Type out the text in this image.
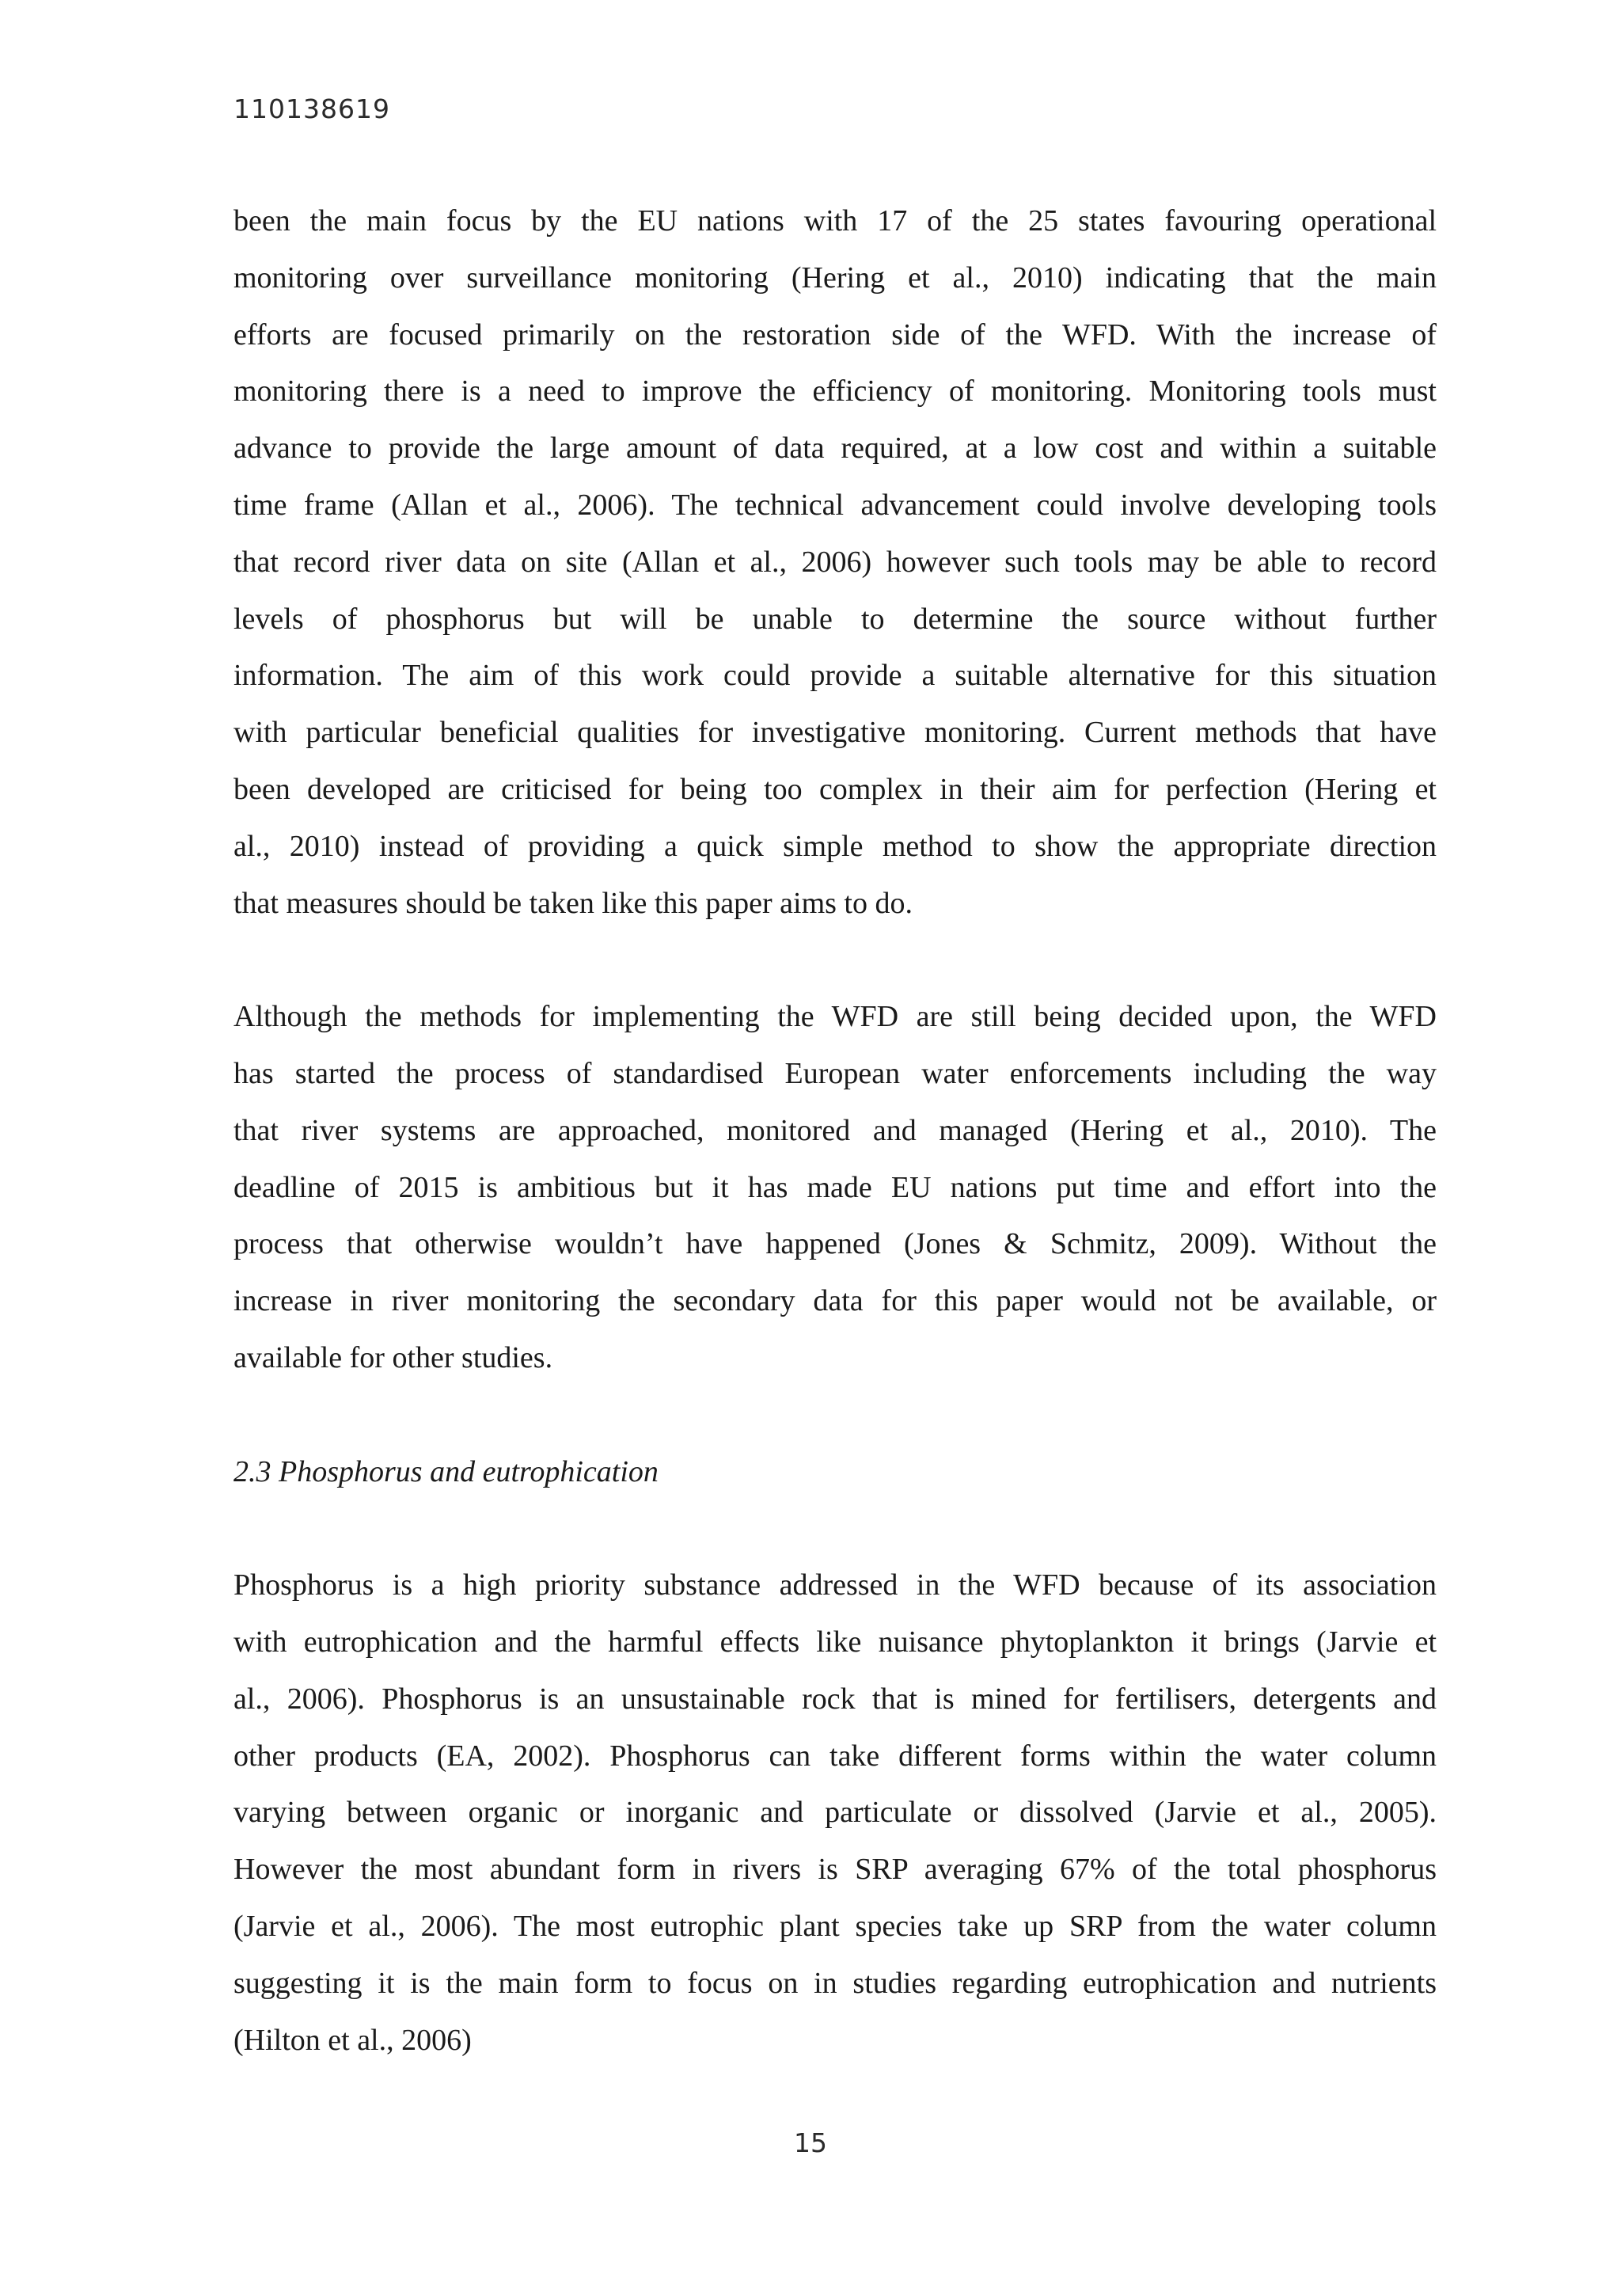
110138619
been the main focus by the EU nations with 17 of the 25 states favouring operational
monitoring over surveillance monitoring (Hering et al., 2010) indicating that the main
efforts are focused primarily on the restoration side of the WFD. With the increase of
monitoring there is a need to improve the efficiency of monitoring. Monitoring tools must
advance to provide the large amount of data required, at a low cost and within a suitable
time frame (Allan et al., 2006). The technical advancement could involve developing tools
that record river data on site (Allan et al., 2006) however such tools may be able to record
levels of phosphorus but will be unable to determine the source without further
information. The aim of this work could provide a suitable alternative for this situation
with particular beneficial qualities for investigative monitoring. Current methods that have
been developed are criticised for being too complex in their aim for perfection (Hering et
al., 2010) instead of providing a quick simple method to show the appropriate direction
that measures should be taken like this paper aims to do.
Although the methods for implementing the WFD are still being decided upon, the WFD
has started the process of standardised European water enforcements including the way
that river systems are approached, monitored and managed (Hering et al., 2010). The
deadline of 2015 is ambitious but it has made EU nations put time and effort into the
process that otherwise wouldn’t have happened (Jones & Schmitz, 2009). Without the
increase in river monitoring the secondary data for this paper would not be available, or
available for other studies.
2.3 Phosphorus and eutrophication
Phosphorus is a high priority substance addressed in the WFD because of its association
with eutrophication and the harmful effects like nuisance phytoplankton it brings (Jarvie et
al., 2006). Phosphorus is an unsustainable rock that is mined for fertilisers, detergents and
other products (EA, 2002). Phosphorus can take different forms within the water column
varying between organic or inorganic and particulate or dissolved (Jarvie et al., 2005).
However the most abundant form in rivers is SRP averaging 67% of the total phosphorus
(Jarvie et al., 2006). The most eutrophic plant species take up SRP from the water column
suggesting it is the main form to focus on in studies regarding eutrophication and nutrients
(Hilton et al., 2006)
15
